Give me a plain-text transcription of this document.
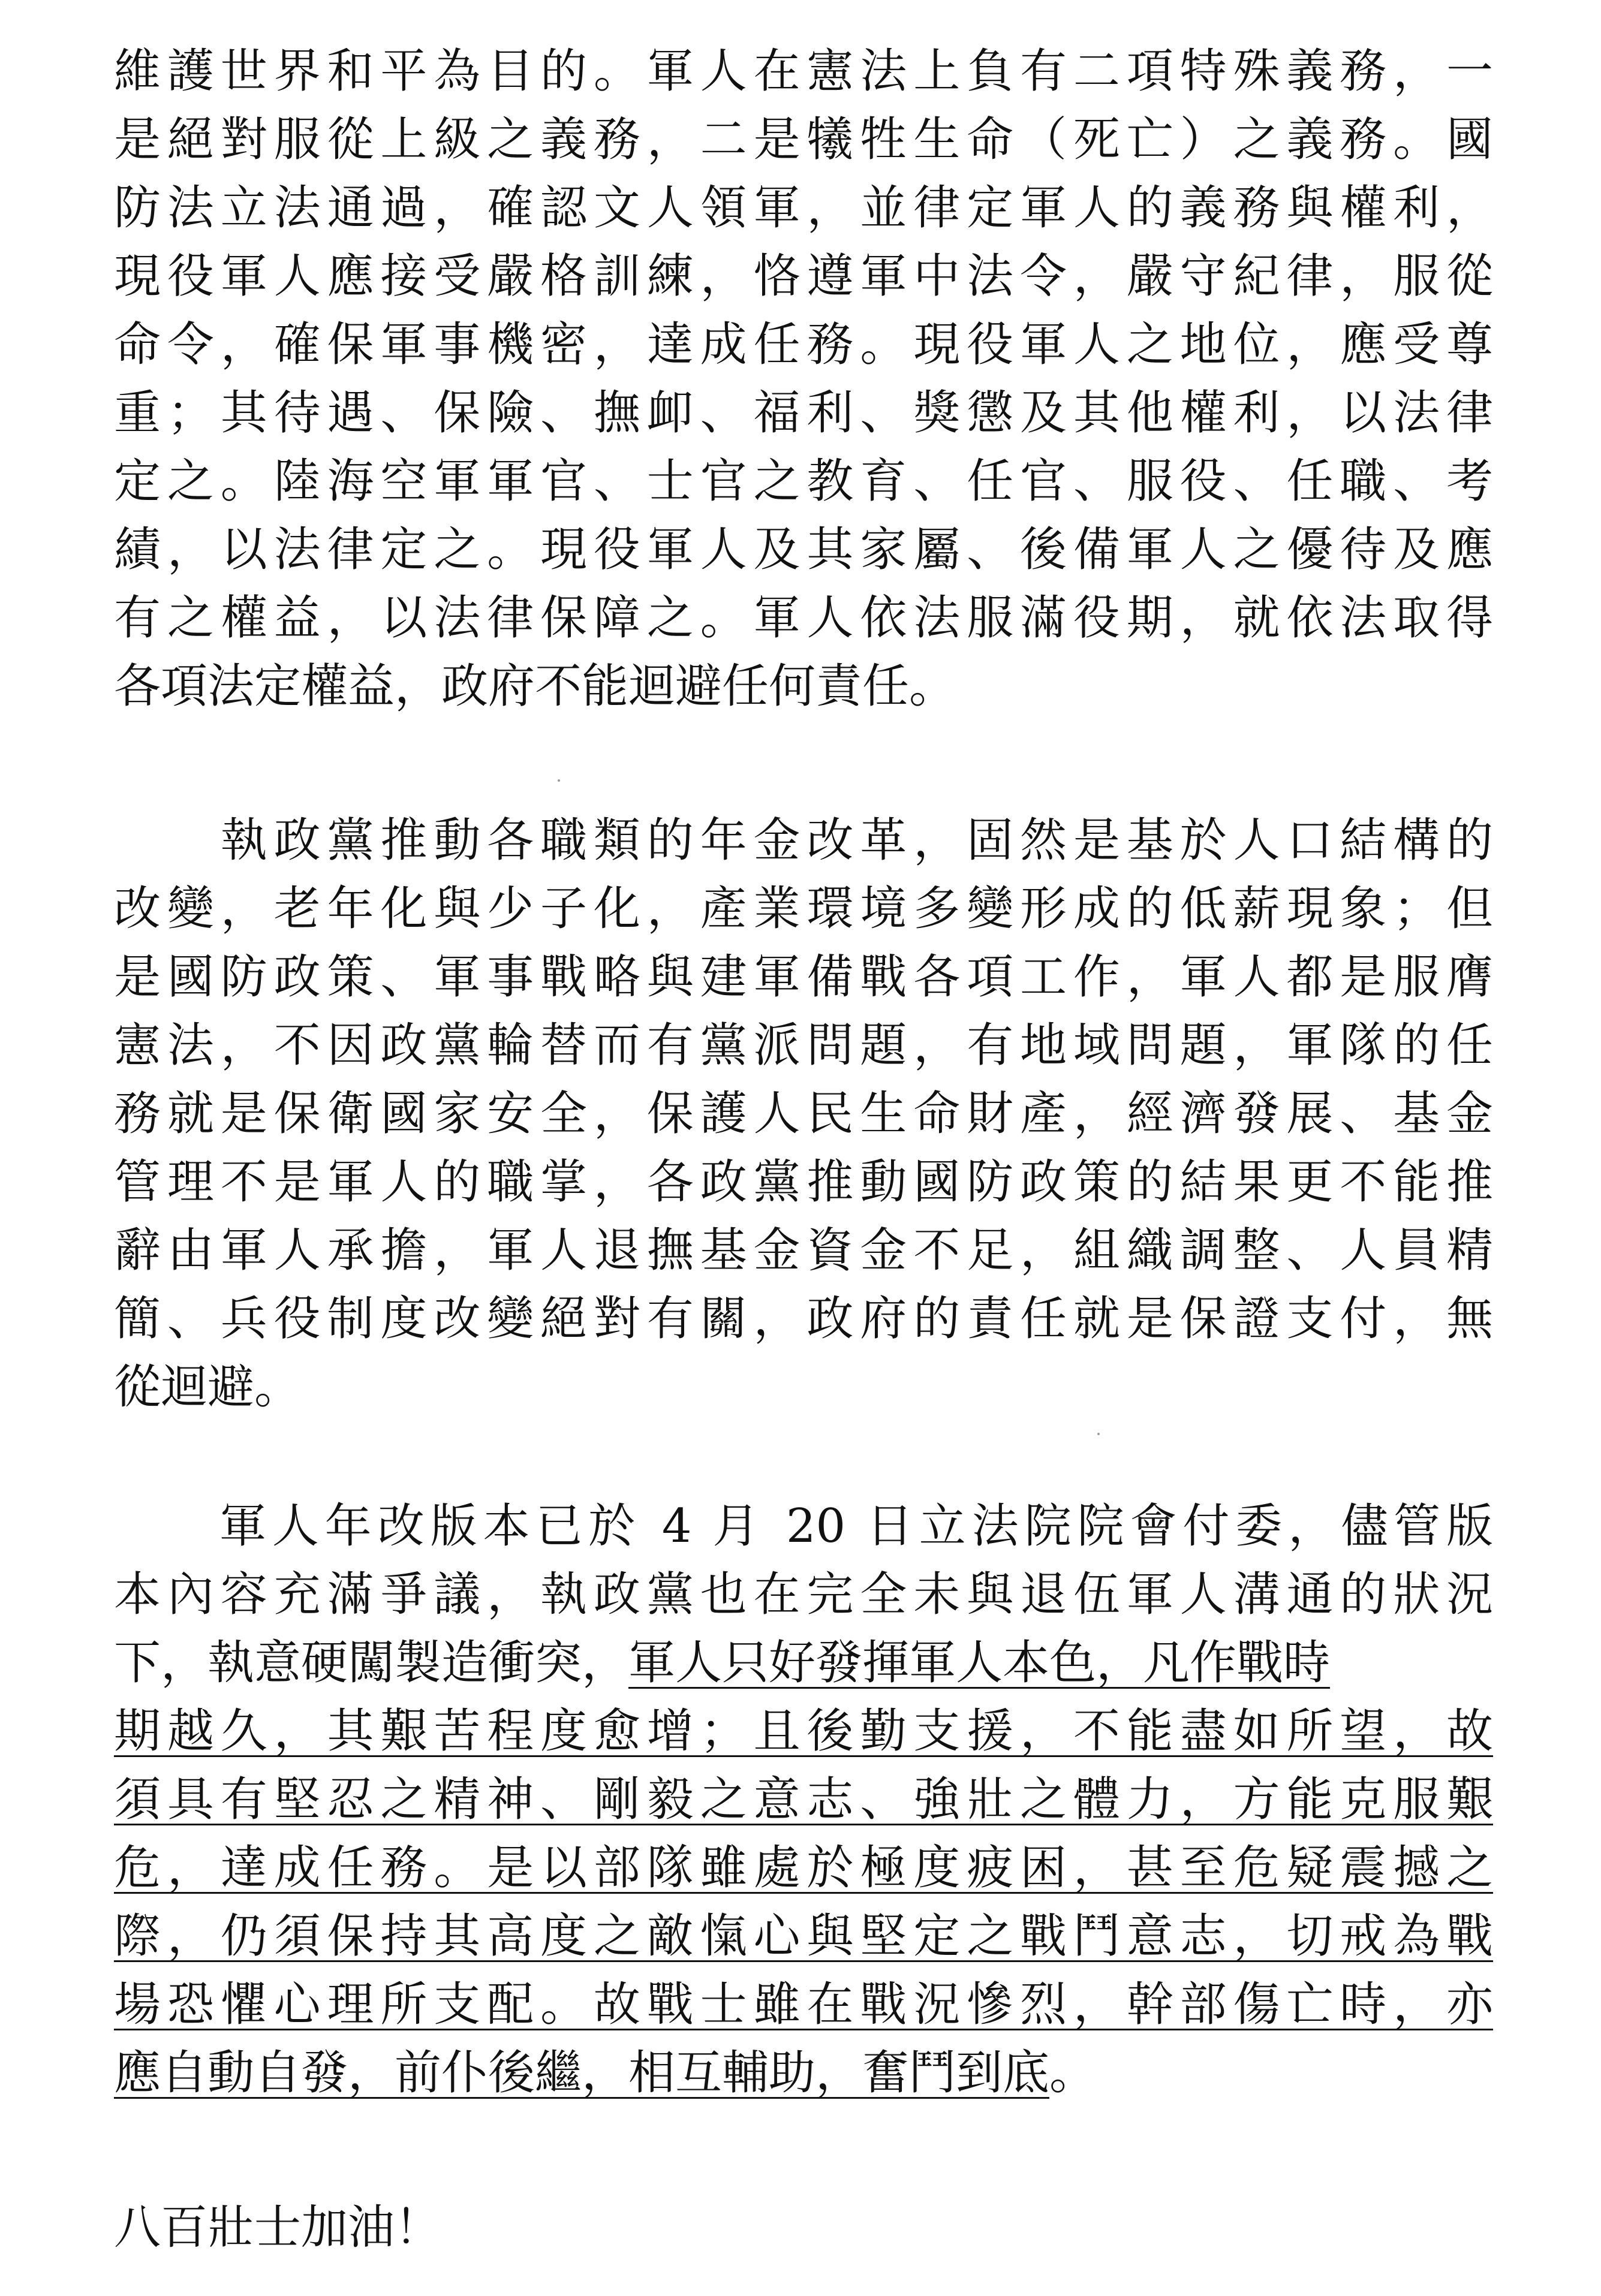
維護世界和平為目的。軍人在憲法上負有二項特殊義務，一
是絕對服從上級之義務，二是犧牲生命（死亡）之義務。國
防法立法通過，確認文人領軍，並律定軍人的義務與權利，
現役軍人應接受嚴格訓練，恪遵軍中法令，嚴守紀律，服從
命令，確保軍事機密，達成任務。現役軍人之地位，應受尊
重；其待遇、保險、撫卹、福利、獎懲及其他權利，以法律
定之。陸海空軍軍官、士官之教育、任官、服役、任職、考
績，以法律定之。現役軍人及其家屬、後備軍人之優待及應
有之權益，以法律保障之。軍人依法服滿役期，就依法取得
各項法定權益，政府不能迴避任何責任。
　　執政黨推動各職類的年金改革，固然是基於人口結構的
改變，老年化與少子化，產業環境多變形成的低薪現象；但
是國防政策、軍事戰略與建軍備戰各項工作，軍人都是服膺
憲法，不因政黨輪替而有黨派問題，有地域問題，軍隊的任
務就是保衛國家安全，保護人民生命財產，經濟發展、基金
管理不是軍人的職掌，各政黨推動國防政策的結果更不能推
辭由軍人承擔，軍人退撫基金資金不足，組織調整、人員精
簡、兵役制度改變絕對有關，政府的責任就是保證支付，無
從迴避。
　　軍人年改版本已於 4 月 20 日立法院院會付委，儘管版
本內容充滿爭議，執政黨也在完全未與退伍軍人溝通的狀況
下，執意硬闖製造衝突，軍人只好發揮軍人本色，凡作戰時
期越久，其艱苦程度愈增；且後勤支援，不能盡如所望，故
須具有堅忍之精神、剛毅之意志、強壯之體力，方能克服艱
危，達成任務。是以部隊雖處於極度疲困，甚至危疑震撼之
際，仍須保持其高度之敵愾心與堅定之戰鬥意志，切戒為戰
場恐懼心理所支配。故戰士雖在戰況慘烈，幹部傷亡時，亦
應自動自發，前仆後繼，相互輔助，奮鬥到底。
八百壯士加油！
